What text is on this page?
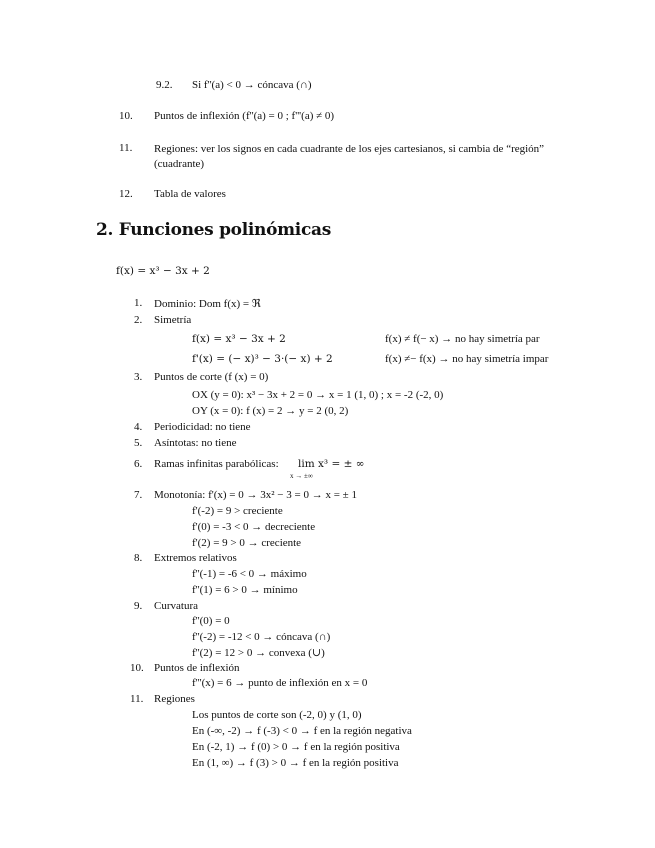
9.2. Si f''(a) < 0 → cóncava (∩)
10. Puntos de inflexión (f''(a) = 0 ; f'''(a) ≠ 0)
11. Regiones: ver los signos en cada cuadrante de los ejes cartesianos, si cambia de “región” (cuadrante)
12. Tabla de valores
2. Funciones polinómicas
f(x) = x³ − 3x + 2
1. Dominio: Dom f(x) = ℜ
2. Simetría
f(x) = x³ − 3x + 2	f(x) ≠ f(− x) → no hay simetría par
f'(x) = (− x)³ − 3·(− x) + 2	f(x) ≠− f(x) → no hay simetría impar
3. Puntos de corte (f (x) = 0)
OX (y = 0): x³ − 3x + 2 = 0 → x = 1 (1, 0) ; x = -2 (-2, 0)
OY (x = 0): f (x) = 2 → y = 2 (0, 2)
4. Periodicidad: no tiene
5. Asíntotas: no tiene
6. Ramas infinitas parabólicas: lim x³ = ± ∞
x → ±∞
7. Monotonía: f'(x) = 0 → 3x² − 3 = 0 → x = ± 1
f'(-2) = 9 > creciente
f'(0) = -3 < 0 → decreciente
f'(2) = 9 > 0 → creciente
8. Extremos relativos
f''(-1) = -6 < 0 → máximo
f''(1) = 6 > 0 → mínimo
9. Curvatura
f''(0) = 0
f''(-2) = -12 < 0 → cóncava (∩)
f''(2) = 12 > 0 → convexa (∪)
10. Puntos de inflexión
f'''(x) = 6 → punto de inflexión en x = 0
11. Regiones
Los puntos de corte son (-2, 0) y (1, 0)
En (-∞, -2) → f (-3) < 0 → f en la región negativa
En (-2, 1) → f (0) > 0 → f en la región positiva
En (1, ∞) → f (3) > 0 → f en la región positiva
